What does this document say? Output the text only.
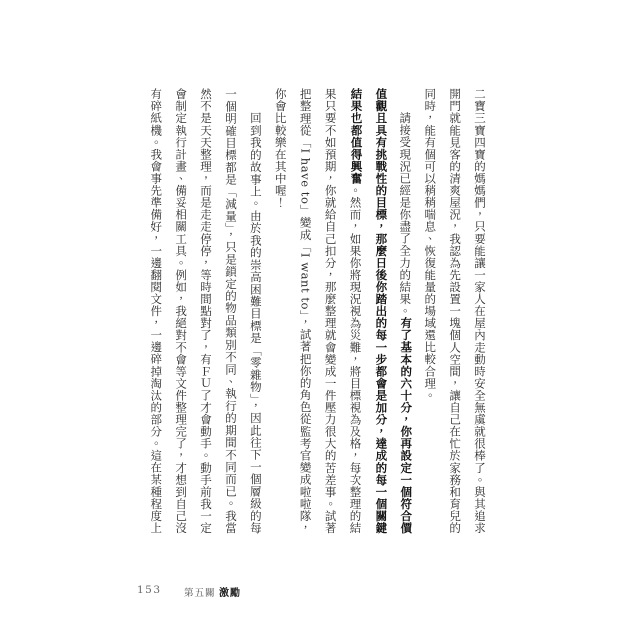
二寶三寶四寶的媽媽們，只要能讓一家人在屋內走動時安全無虞就很棒了。與其追求開門就能見客的清爽屋況，我認為先設置一塊個人空間，讓自己在忙於家務和育兒的同時，能有個可以稍稍喘息、恢復能量的場域還比較合理。

請接受現況已經是你盡了全力的結果。有了基本的六十分，你再設定一個符合價值觀且具有挑戰性的目標，那麼日後你踏出的每一步都會是加分，達成的每一個關鍵結果也都值得興奮。然而，如果你將現況視為災難，將目標視為及格，每次整理的結果只要不如預期，你就給自己扣分，那麼整理就會變成一件壓力很大的苦差事。試著把整理從「I have to」變成「I want to」，試著把你的角色從監考官變成啦啦隊，你會比較樂在其中喔！

回到我的故事上。由於我的崇高困難目標是「零雜物」，因此往下一個層級的每一個明確目標都是「減量」，只是鎖定的物品類別不同、執行的期間不同而已。我當然不是天天整理，而是走走停停，等時間點對了，有ＦＵ了才會動手。動手前我一定會制定執行計畫、備妥相關工具。例如，我絕對不會等文件整理完了，才想到自己沒有碎紙機。我會事先準備好，一邊翻閱文件，一邊碎掉淘汰的部分。這在某種程度上

153 第五關 激勵
